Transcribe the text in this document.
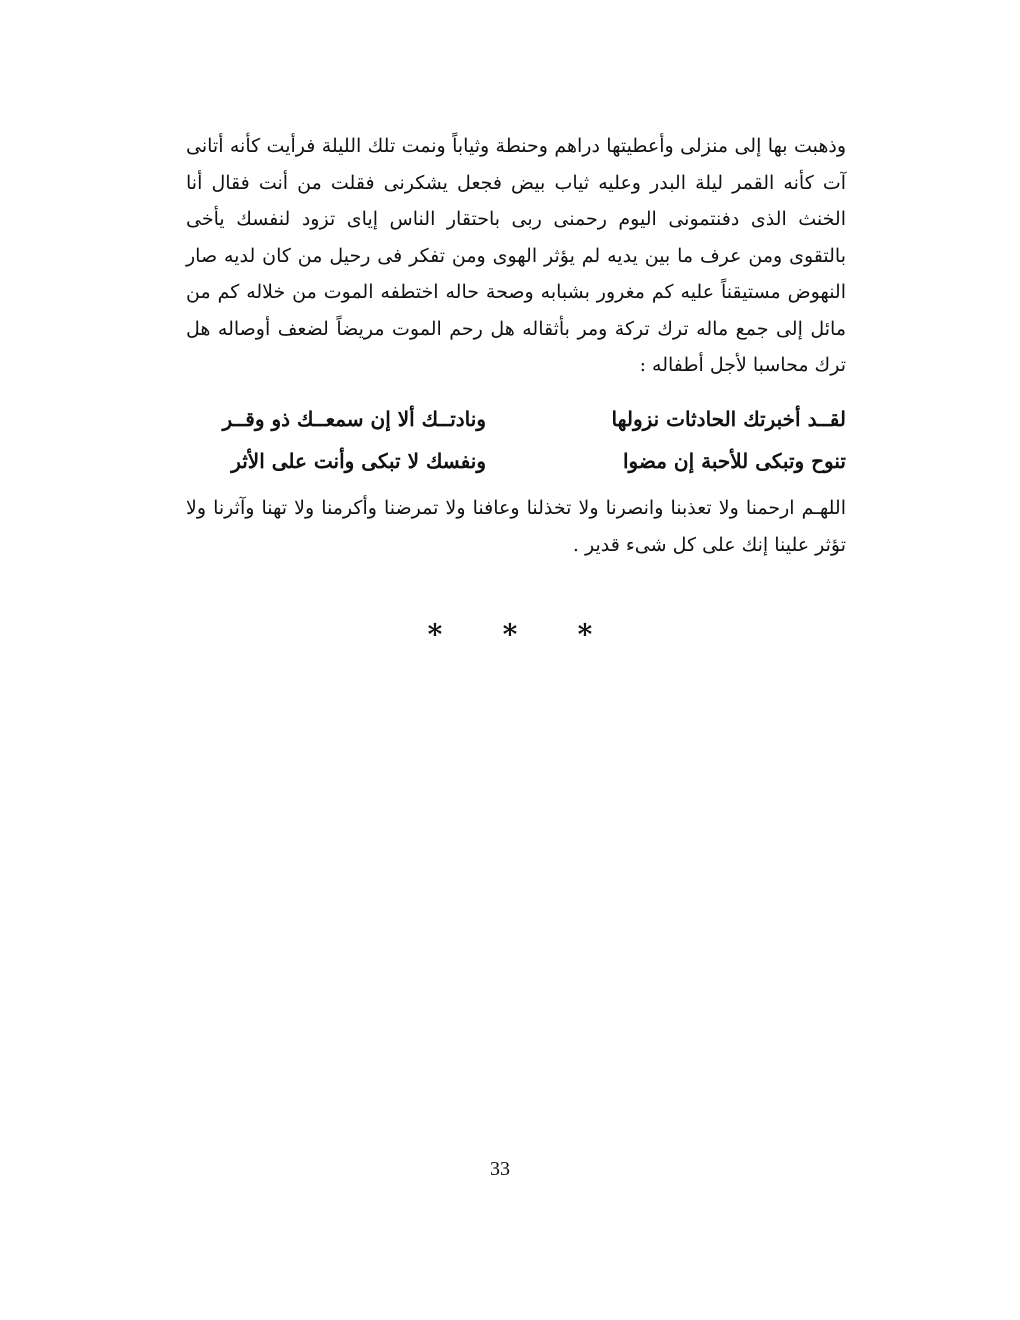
وذهبت بها إلى منزلى وأعطيتها دراهم وحنطة وثياباً ونمت تلك الليلة فرأيت كأنه أتانى آت كأنه القمر ليلة البدر وعليه ثياب بيض فجعل يشكرنى فقلت من أنت فقال أنا الخنث الذى دفنتمونى اليوم رحمنى ربى باحتقار الناس إياى تزود لنفسك يأخى بالتقوى ومن عرف ما بين يديه لم يؤثر الهوى ومن تفكر فى رحيل من كان لديه صار النهوض مستيقناً عليه كم مغرور بشبابه وصحة حاله اختطفه الموت من خلاله كم من مائل إلى جمع ماله ترك تركة ومر بأثقاله هل رحم الموت مريضاً لضعف أوصاله هل ترك محاسبا لأجل أطفاله :

لقــد أخبرتك الحادثات نزولها
ونادتــك ألا إن سمعــك ذو وقــر
تنوح وتبكى للأحبة إن مضوا
ونفسك لا تبكى وأنت على الأثر

اللهـم ارحمنا ولا تعذبنا وانصرنا ولا تخذلنا وعافنا ولا تمرضنا وأكرمنا ولا تهنا وآثرنا ولا تؤثر علينا إنك على كل شىء قدير .

* * *
33
